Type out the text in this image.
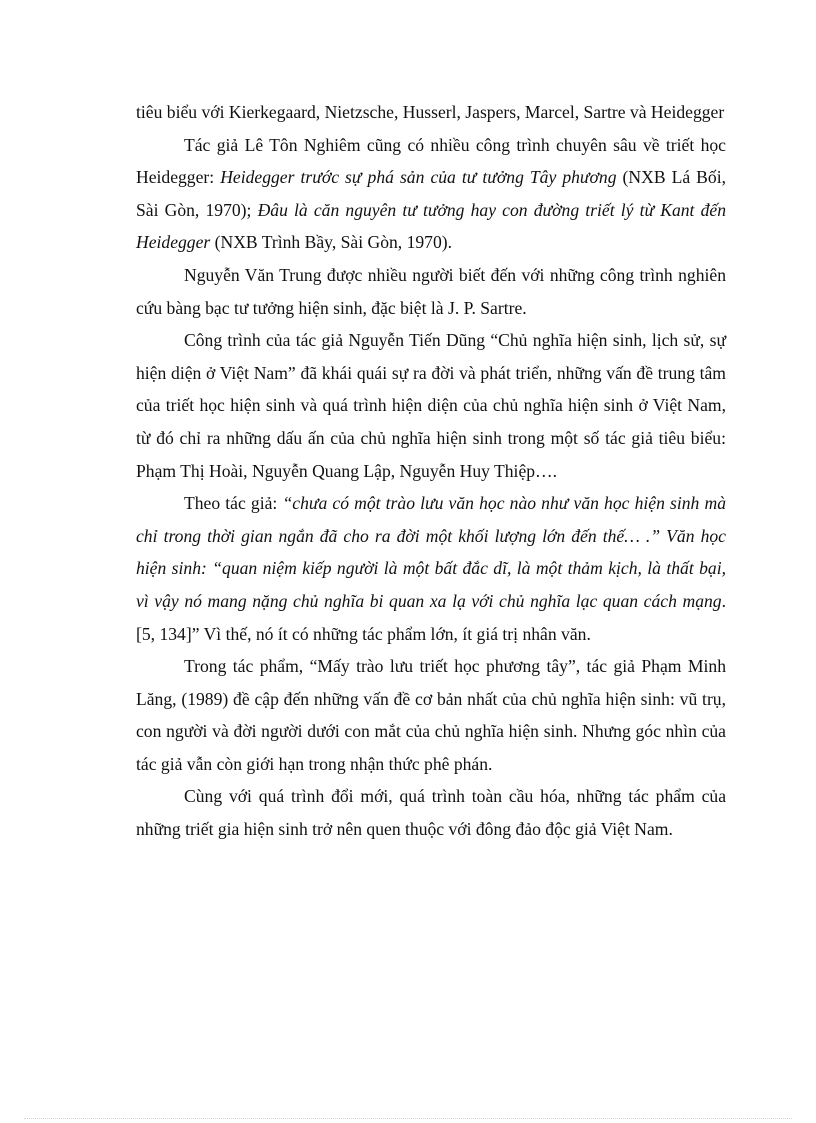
tiêu biểu với Kierkegaard, Nietzsche, Husserl, Jaspers, Marcel, Sartre và Heidegger

Tác giả Lê Tôn Nghiêm cũng có nhiều công trình chuyên sâu về triết học Heidegger: Heidegger trước sự phá sản của tư tưởng Tây phương (NXB Lá Bối, Sài Gòn, 1970); Đâu là căn nguyên tư tưởng hay con đường triết lý từ Kant đến Heidegger (NXB Trình Bầy, Sài Gòn, 1970).

Nguyễn Văn Trung được nhiều người biết đến với những công trình nghiên cứu bàng bạc tư tưởng hiện sinh, đặc biệt là J. P. Sartre.

Công trình của tác giả Nguyễn Tiến Dũng “Chủ nghĩa hiện sinh, lịch sử, sự hiện diện ở Việt Nam” đã khái quái sự ra đời và phát triển, những vấn đề trung tâm của triết học hiện sinh và quá trình hiện diện của chủ nghĩa hiện sinh ở Việt Nam, từ đó chỉ ra những dấu ấn của chủ nghĩa hiện sinh trong một số tác giả tiêu biểu: Phạm Thị Hoài, Nguyễn Quang Lập, Nguyễn Huy Thiệp….

Theo tác giả: “chưa có một trào lưu văn học nào như văn học hiện sinh mà chỉ trong thời gian ngắn đã cho ra đời một khối lượng lớn đến thế… .” Văn học hiện sinh: “quan niệm kiếp người là một bất đắc dĩ, là một thảm kịch, là thất bại, vì vậy nó mang nặng chủ nghĩa bi quan xa lạ với chủ nghĩa lạc quan cách mạng. [5, 134]” Vì thế, nó ít có những tác phẩm lớn, ít giá trị nhân văn.

Trong tác phẩm, “Mấy trào lưu triết học phương tây”, tác giả Phạm Minh Lăng, (1989) đề cập đến những vấn đề cơ bản nhất của chủ nghĩa hiện sinh: vũ trụ, con người và đời người dưới con mắt của chủ nghĩa hiện sinh. Nhưng góc nhìn của tác giả vẫn còn giới hạn trong nhận thức phê phán.

Cùng với quá trình đổi mới, quá trình toàn cầu hóa, những tác phẩm của những triết gia hiện sinh trở nên quen thuộc với đông đảo độc giả Việt Nam.
